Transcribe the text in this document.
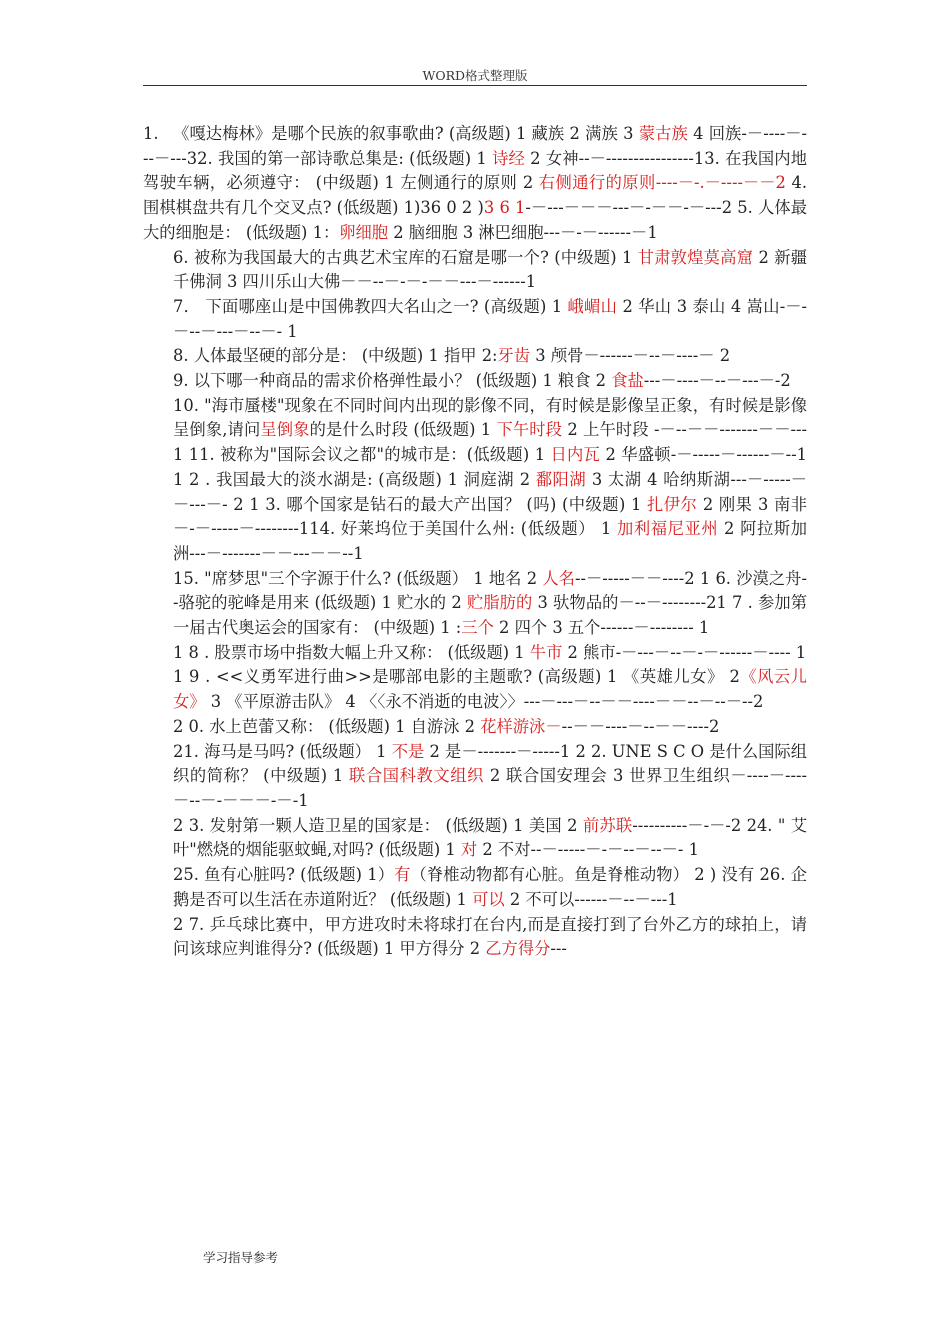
WORD格式整理版

1. 《嘎达梅林》是哪个民族的叙事歌曲? (高级题) 1 藏族 2 满族 3 蒙古族 4 回族-－----－---－---32. 我国的第一部诗歌总集是: (低级题) 1 诗经 2 女神--－----------------13. 在我国内地驾驶车辆，必须遵守： (中级题) 1 左侧通行的原则 2 右侧通行的原则----－-.－----－－2 4. 围棋棋盘共有几个交叉点? (低级题) 1)36 0 2 )3 6 1-－---－－－---－-－－-－---2 5. 人体最大的细胞是： (低级题) 1：卵细胞 2 脑细胞 3 淋巴细胞---－-－------－1

6. 被称为我国最大的古典艺术宝库的石窟是哪一个? (中级题) 1 甘肃敦煌莫高窟 2 新疆千佛洞 3 四川乐山大佛－－--－-－-－－---－------1

7． 下面哪座山是中国佛教四大名山之一? (高级题) 1 峨嵋山 2 华山 3 泰山 4 嵩山-－-－--－---－--－- 1

8. 人体最坚硬的部分是： (中级题) 1 指甲 2:牙齿 3 颅骨－------－--－----－ 2

9. 以下哪一种商品的需求价格弹性最小？ (低级题) 1 粮食 2 食盐---－----－--－---－-2

10. "海市蜃楼"现象在不同时间内出现的影像不同，有时候是影像呈正象，有时候是影像呈倒象,请问呈倒象的是什么时段 (低级题) 1 下午时段 2 上午时段 -－--－－-------－－---1 11. 被称为"国际会议之都"的城市是：(低级题) 1 日内瓦 2 华盛顿-－-----－------－--11 2 . 我国最大的淡水湖是: (高级题) 1 洞庭湖 2 鄱阳湖 3 太湖 4 哈纳斯湖---－-----－－---－- 2 1 3. 哪个国家是钻石的最大产出国？ (吗) (中级题) 1 扎伊尔 2 刚果 3 南非－-－-----－--------114. 好莱坞位于美国什么州: (低级题） 1 加利福尼亚州 2 阿拉斯加洲---－-------－－---－－--1

15. "席梦思"三个字源于什么? (低级题） 1 地名 2 人名--－-----－－----2 1 6. 沙漠之舟--骆驼的驼峰是用来 (低级题) 1 贮水的 2 贮脂肪的 3 驮物品的－--－--------21 7 . 参加第一届古代奥运会的国家有： (中级题) 1 :三个 2 四个 3 五个------－-------- 1

1 8 . 股票市场中指数大幅上升又称： (低级题) 1 牛市 2 熊市-－---－--－-－------－---- 1

1 9 . <<义勇军进行曲>>是哪部电影的主题歌? (高级题) 1 《英雄儿女》 2《风云儿女》 3 《平原游击队》 4 〈〈永不消逝的电波〉〉---－---－--－－----－－--－--－--2

2 0. 水上芭蕾又称： (低级题) 1 自游泳 2 花样游泳－--－－----－--－－----2

21. 海马是马吗? (低级题） 1 不是 2 是－-------－-----1 2 2. UNE S C O 是什么国际组织的简称？ (中级题) 1 联合国科教文组织 2 联合国安理会 3 世界卫生组织－----－----－--－-－－－-－-1

2 3. 发射第一颗人造卫星的国家是： (低级题) 1 美国 2 前苏联----------－-－-2 24. " 艾叶"燃烧的烟能驱蚊蝇,对吗? (低级题) 1 对 2 不对--－-----－-－--－--－- 1

25. 鱼有心脏吗? (低级题) 1）有（脊椎动物都有心脏。鱼是脊椎动物） 2 ) 没有 26. 企鹅是否可以生活在赤道附近？ (低级题) 1 可以 2 不可以------－--－---1

2 7. 乒乓球比赛中，甲方进攻时未将球打在台内,而是直接打到了台外乙方的球拍上，请问该球应判谁得分? (低级题) 1 甲方得分 2 乙方得分---

学习指导参考
